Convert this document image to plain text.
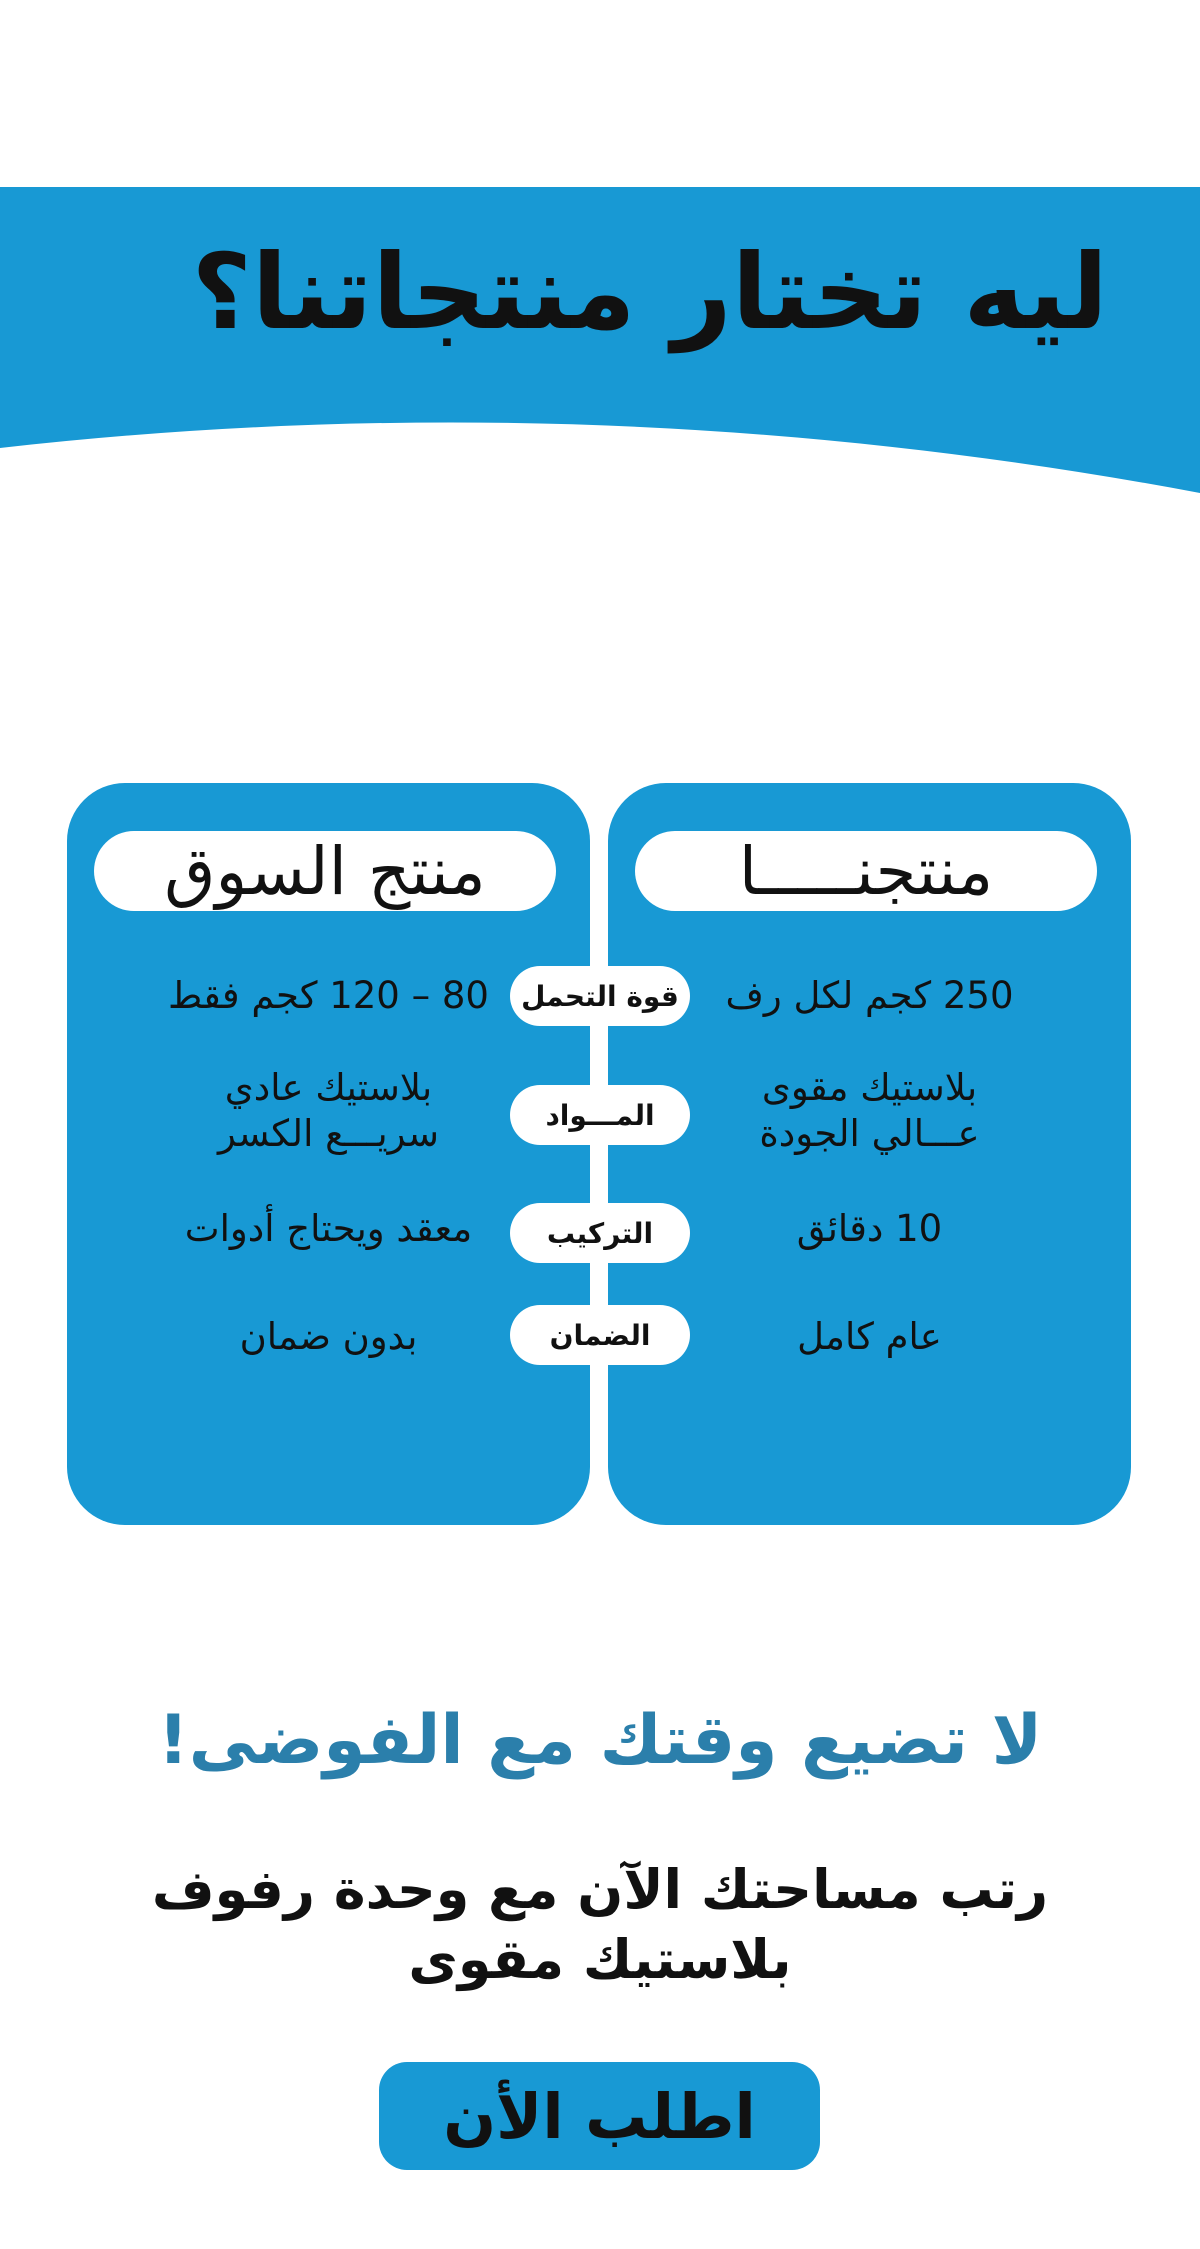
ليه تختار منتجاتنا؟
منتجنـــــا
250 كجم لكل رف
بلاستيك مقوى
عـــالي الجودة
10 دقائق
عام كامل
منتج السوق
80 – 120 كجم فقط
بلاستيك عادي
سريـــع الكسر
معقد ويحتاج أدوات
بدون ضمان
قوة التحمل
المـــواد
التركيب
الضمان
لا تضيع وقتك مع الفوضى!

رتب مساحتك الآن مع وحدة رفوف
بلاستيك مقوى

اطلب الأن
